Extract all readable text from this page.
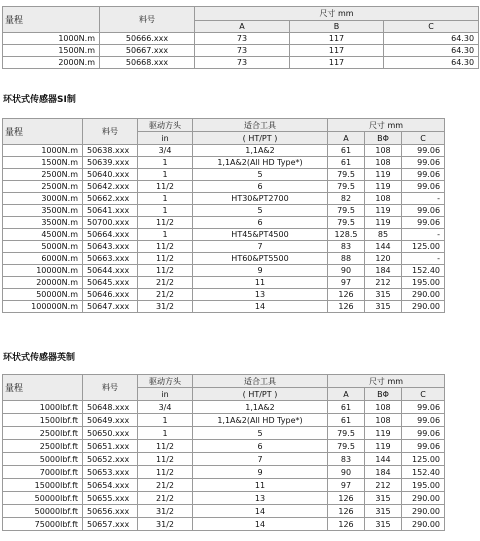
量程	料号	尺寸 mm		
		A	B	C
1000N.m	50666.xxx	73	117	64.30
1500N.m	50667.xxx	73	117	64.30
2000N.m	50668.xxx	73	117	64.30
环状式传感器SI制
量程	料号	驱动方头	适合工具	尺寸 mm		
		in	( HT/PT )	A	BΦ	C
1000N.m	50638.xxx	3/4	1,1A&2	61	108	99.06
1500N.m	50639.xxx	1	1,1A&2(All HD Type*)	61	108	99.06
2500N.m	50640.xxx	1	5	79.5	119	99.06
2500N.m	50642.xxx	11/2	6	79.5	119	99.06
3000N.m	50662.xxx	1	HT30&PT2700	82	108	-
3500N.m	50641.xxx	1	5	79.5	119	99.06
3500N.m	50700.xxx	11/2	6	79.5	119	99.06
4500N.m	50664.xxx	1	HT45&PT4500	128.5	85	-
5000N.m	50643.xxx	11/2	7	83	144	125.00
6000N.m	50663.xxx	11/2	HT60&PT5500	88	120	-
10000N.m	50644.xxx	11/2	9	90	184	152.40
20000N.m	50645.xxx	21/2	11	97	212	195.00
50000N.m	50646.xxx	21/2	13	126	315	290.00
100000N.m	50647.xxx	31/2	14	126	315	290.00
环状式传感器英制
量程	料号	驱动方头	适合工具	尺寸 mm		
		in	( HT/PT )	A	BΦ	C
1000lbf.ft	50648.xxx	3/4	1,1A&2	61	108	99.06
1500lbf.ft	50649.xxx	1	1,1A&2(All HD Type*)	61	108	99.06
2500lbf.ft	50650.xxx	1	5	79.5	119	99.06
2500lbf.ft	50651.xxx	11/2	6	79.5	119	99.06
5000lbf.ft	50652.xxx	11/2	7	83	144	125.00
7000lbf.ft	50653.xxx	11/2	9	90	184	152.40
15000lbf.ft	50654.xxx	21/2	11	97	212	195.00
50000lbf.ft	50655.xxx	21/2	13	126	315	290.00
50000lbf.ft	50656.xxx	31/2	14	126	315	290.00
75000lbf.ft	50657.xxx	31/2	14	126	315	290.00
